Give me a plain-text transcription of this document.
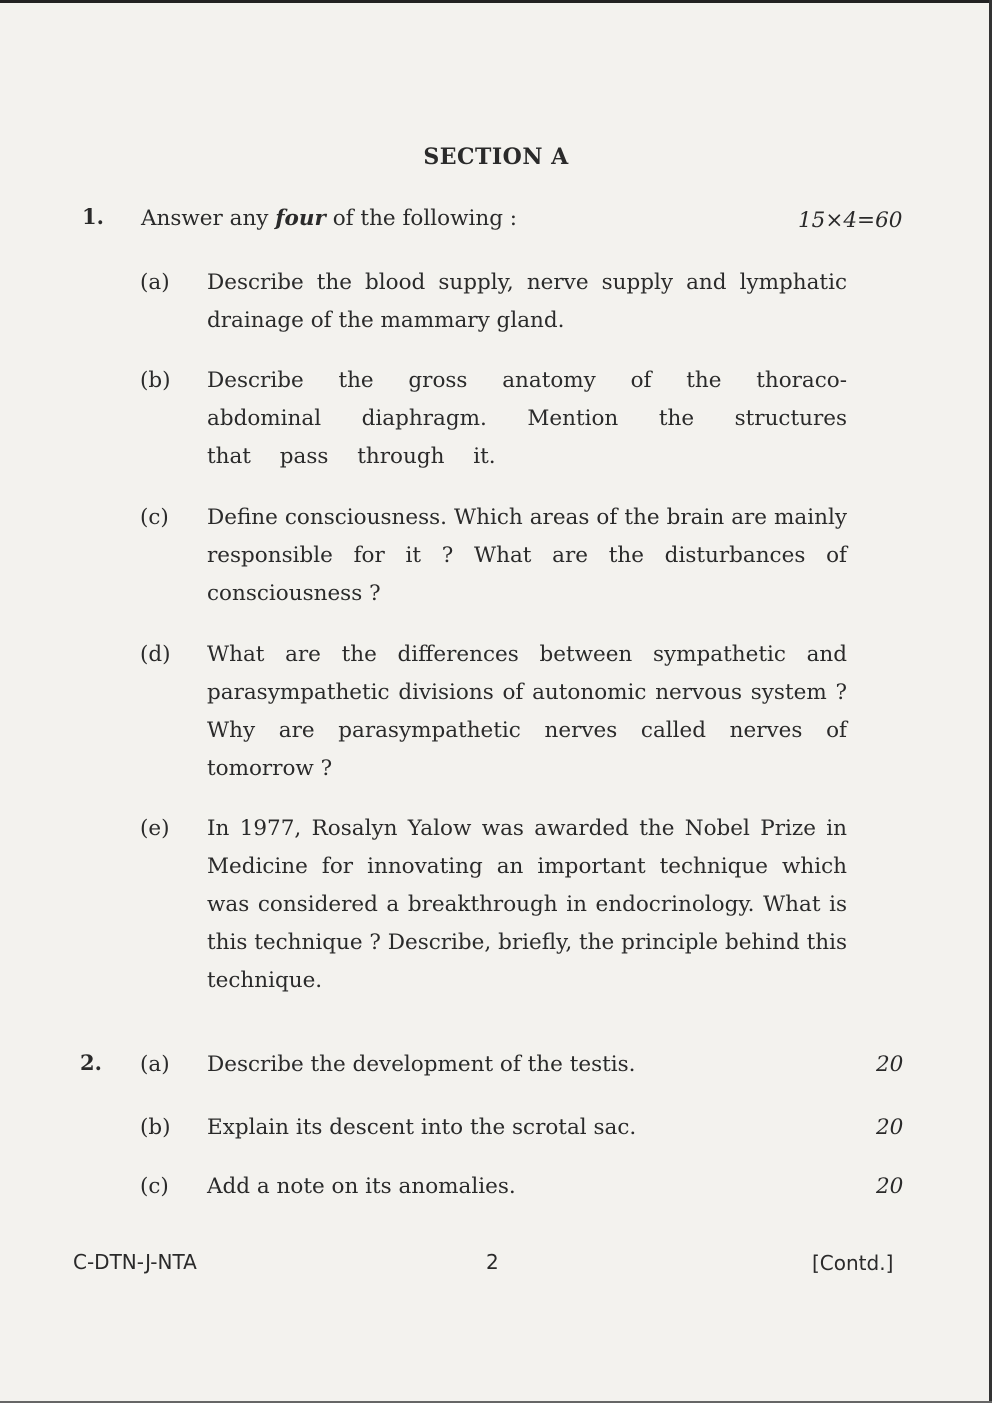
SECTION A
1. Answer any four of the following :	15×4=60
(a) Describe the blood supply, nerve supply and lymphatic drainage of the mammary gland.
(b) Describe the gross anatomy of the thoraco-abdominal diaphragm. Mention the structures that pass through it.
(c) Define consciousness. Which areas of the brain are mainly responsible for it ? What are the disturbances of consciousness ?
(d) What are the differences between sympathetic and parasympathetic divisions of autonomic nervous system ? Why are parasympathetic nerves called nerves of tomorrow ?
(e) In 1977, Rosalyn Yalow was awarded the Nobel Prize in Medicine for innovating an important technique which was considered a breakthrough in endocrinology. What is this technique ? Describe, briefly, the principle behind this technique.
2. (a) Describe the development of the testis.	20
(b) Explain its descent into the scrotal sac.	20
(c) Add a note on its anomalies.	20
C-DTN-J-NTA	2	[Contd.]
